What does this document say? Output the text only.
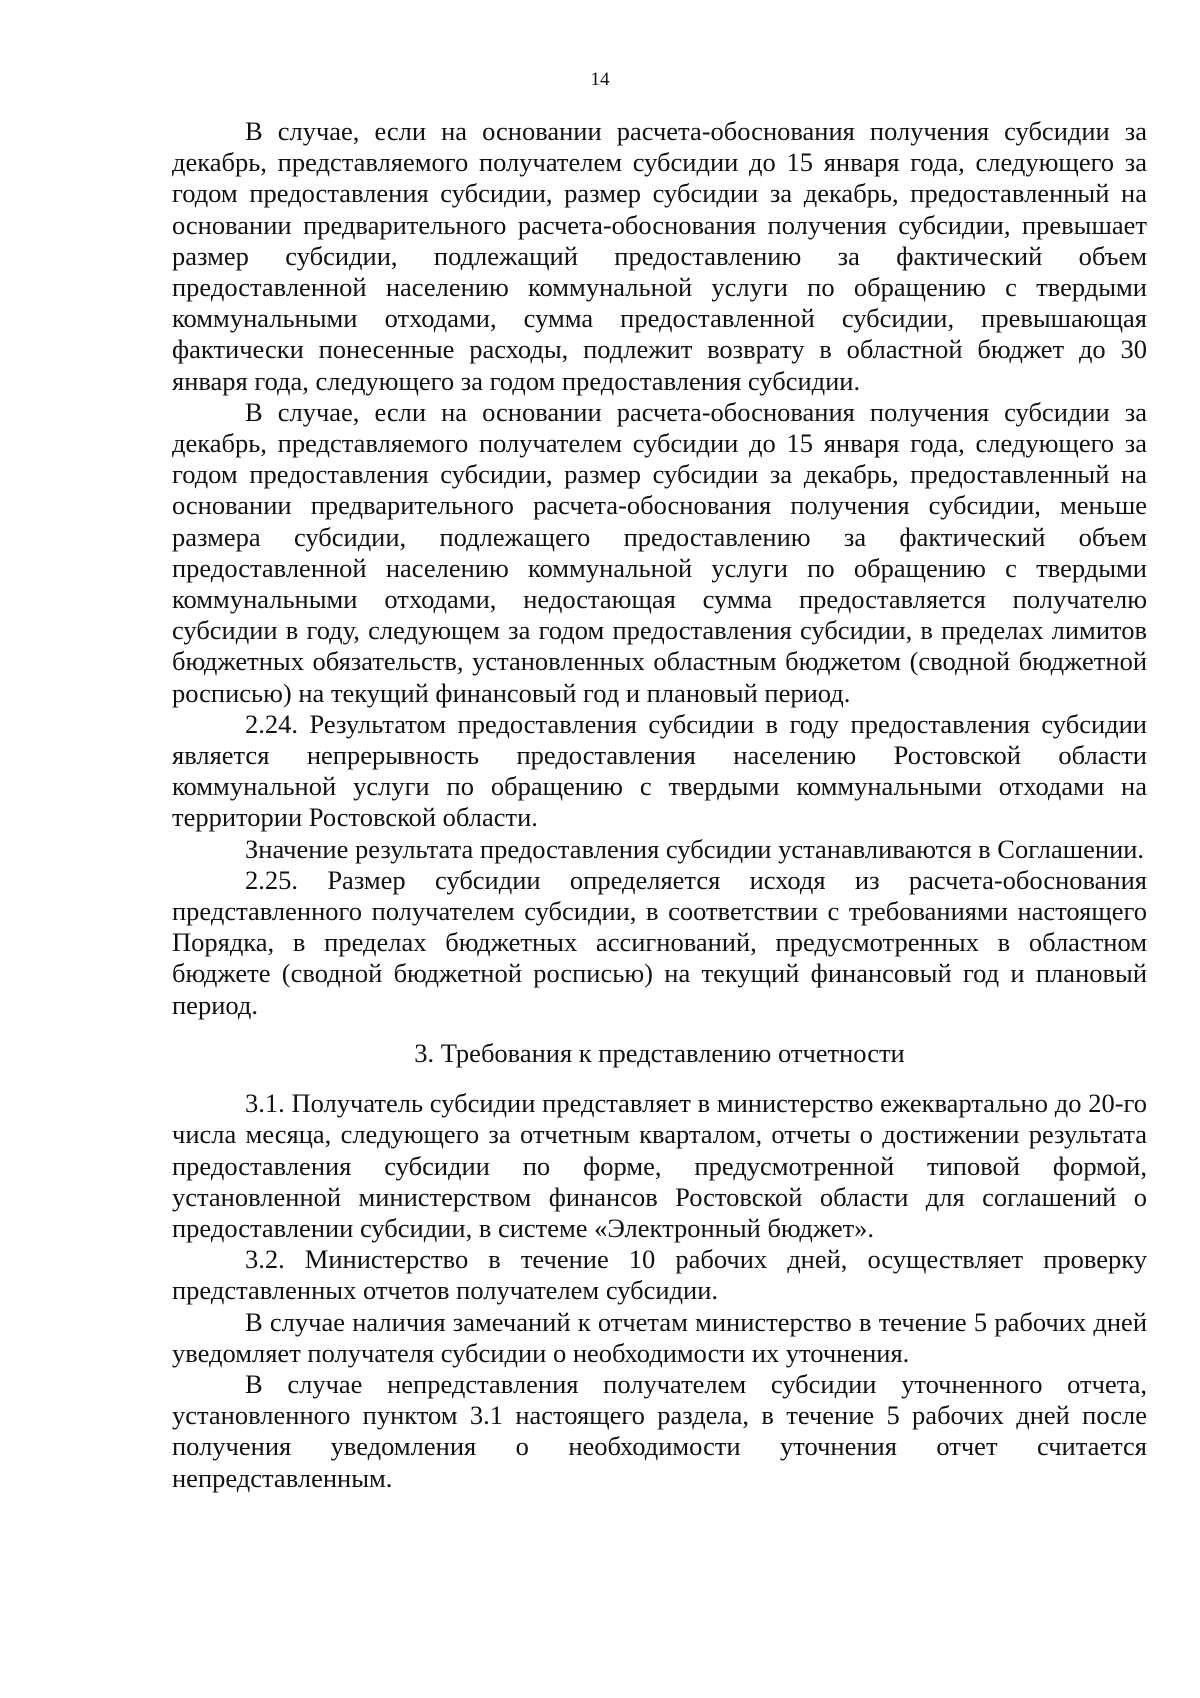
14

В случае, если на основании расчета-обоснования получения субсидии за декабрь, представляемого получателем субсидии до 15 января года, следующего за годом предоставления субсидии, размер субсидии за декабрь, предоставленный на основании предварительного расчета-обоснования получения субсидии, превышает размер субсидии, подлежащий предоставлению за фактический объем предоставленной населению коммунальной услуги по обращению с твердыми коммунальными отходами, сумма предоставленной субсидии, превышающая фактически понесенные расходы, подлежит возврату в областной бюджет до 30 января года, следующего за годом предоставления субсидии.

В случае, если на основании расчета-обоснования получения субсидии за декабрь, представляемого получателем субсидии до 15 января года, следующего за годом предоставления субсидии, размер субсидии за декабрь, предоставленный на основании предварительного расчета-обоснования получения субсидии, меньше размера субсидии, подлежащего предоставлению за фактический объем предоставленной населению коммунальной услуги по обращению с твердыми коммунальными отходами, недостающая сумма предоставляется получателю субсидии в году, следующем за годом предоставления субсидии, в пределах лимитов бюджетных обязательств, установленных областным бюджетом (сводной бюджетной росписью) на текущий финансовый год и плановый период.

2.24. Результатом предоставления субсидии в году предоставления субсидии является непрерывность предоставления населению Ростовской области коммунальной услуги по обращению с твердыми коммунальными отходами на территории Ростовской области.

Значение результата предоставления субсидии устанавливаются в Соглашении.

2.25. Размер субсидии определяется исходя из расчета-обоснования представленного получателем субсидии, в соответствии с требованиями настоящего Порядка, в пределах бюджетных ассигнований, предусмотренных в областном бюджете (сводной бюджетной росписью) на текущий финансовый год и плановый период.

3. Требования к представлению отчетности

3.1. Получатель субсидии представляет в министерство ежеквартально до 20-го числа месяца, следующего за отчетным кварталом, отчеты о достижении результата предоставления субсидии по форме, предусмотренной типовой формой, установленной министерством финансов Ростовской области для соглашений о предоставлении субсидии, в системе «Электронный бюджет».

3.2. Министерство в течение 10 рабочих дней, осуществляет проверку представленных отчетов получателем субсидии.

В случае наличия замечаний к отчетам министерство в течение 5 рабочих дней уведомляет получателя субсидии о необходимости их уточнения.

В случае непредставления получателем субсидии уточненного отчета, установленного пунктом 3.1 настоящего раздела, в течение 5 рабочих дней после получения уведомления о необходимости уточнения отчет считается непредставленным.
